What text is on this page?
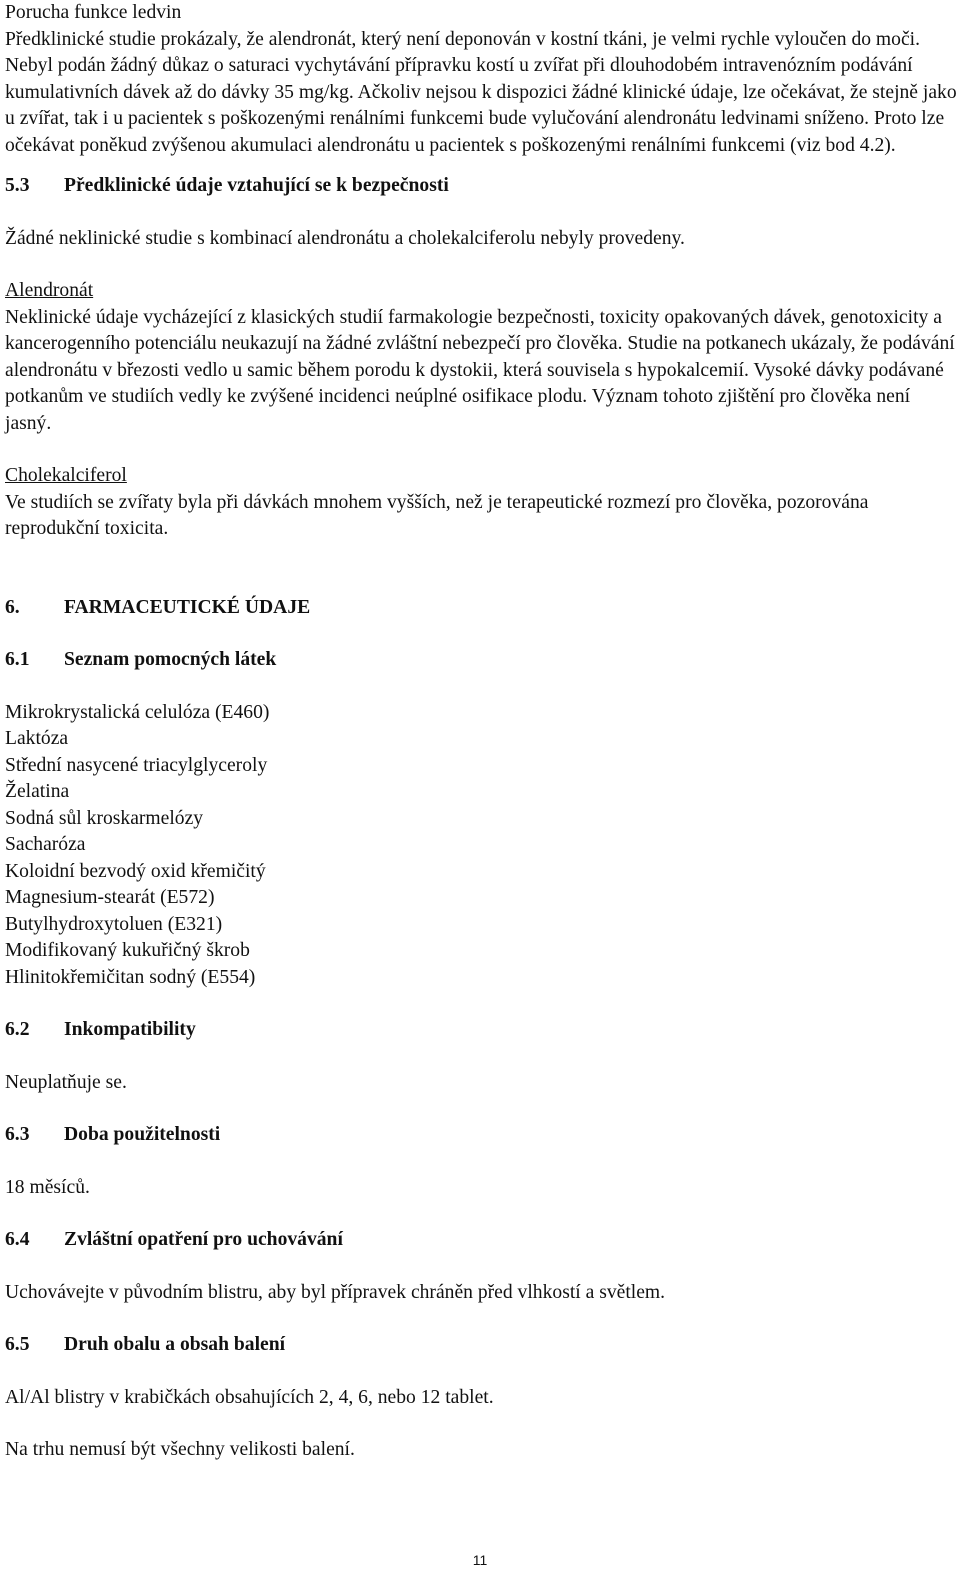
Porucha funkce ledvin

Předklinické studie prokázaly, že alendronát, který není deponován v kostní tkáni, je velmi rychle vyloučen do moči. Nebyl podán žádný důkaz o saturaci vychytávání přípravku kostí u zvířat při dlouhodobém intravenózním podávání kumulativních dávek až do dávky 35 mg/kg. Ačkoliv nejsou k dispozici žádné klinické údaje, lze očekávat, že stejně jako u zvířat, tak i u pacientek s poškozenými renálními funkcemi bude vylučování alendronátu ledvinami sníženo. Proto lze očekávat poněkud zvýšenou akumulaci alendronátu u pacientek s poškozenými renálními funkcemi (viz bod 4.2).

5.3	Předklinické údaje vztahující se k bezpečnosti

Žádné neklinické studie s kombinací alendronátu a cholekalciferolu nebyly provedeny.

Alendronát

Neklinické údaje vycházející z klasických studií farmakologie bezpečnosti, toxicity opakovaných dávek, genotoxicity a kancerogenního potenciálu neukazují na žádné zvláštní nebezpečí pro člověka. Studie na potkanech ukázaly, že podávání alendronátu v březosti vedlo u samic během porodu k dystokii, která souvisela s hypokalcemií. Vysoké dávky podávané potkanům ve studiích vedly ke zvýšené incidenci neúplné osifikace plodu. Význam tohoto zjištění pro člověka není jasný.

Cholekalciferol

Ve studiích se zvířaty byla při dávkách mnohem vyšších, než je terapeutické rozmezí pro člověka, pozorována reprodukční toxicita.

6.	FARMACEUTICKÉ ÚDAJE

6.1	Seznam pomocných látek

Mikrokrystalická celulóza (E460)

Laktóza

Střední nasycené triacylglyceroly

Želatina

Sodná sůl kroskarmelózy

Sacharóza

Koloidní bezvodý oxid křemičitý

Magnesium-stearát (E572)

Butylhydroxytoluen (E321)

Modifikovaný kukuřičný škrob

Hlinitokřemičitan sodný (E554)

6.2	Inkompatibility

Neuplatňuje se.

6.3	Doba použitelnosti

18 měsíců.

6.4	Zvláštní opatření pro uchovávání

Uchovávejte v původním blistru, aby byl přípravek chráněn před vlhkostí a světlem.

6.5	Druh obalu a obsah balení

Al/Al blistry v krabičkách obsahujících 2, 4, 6, nebo 12 tablet.

Na trhu nemusí být všechny velikosti balení.

11
